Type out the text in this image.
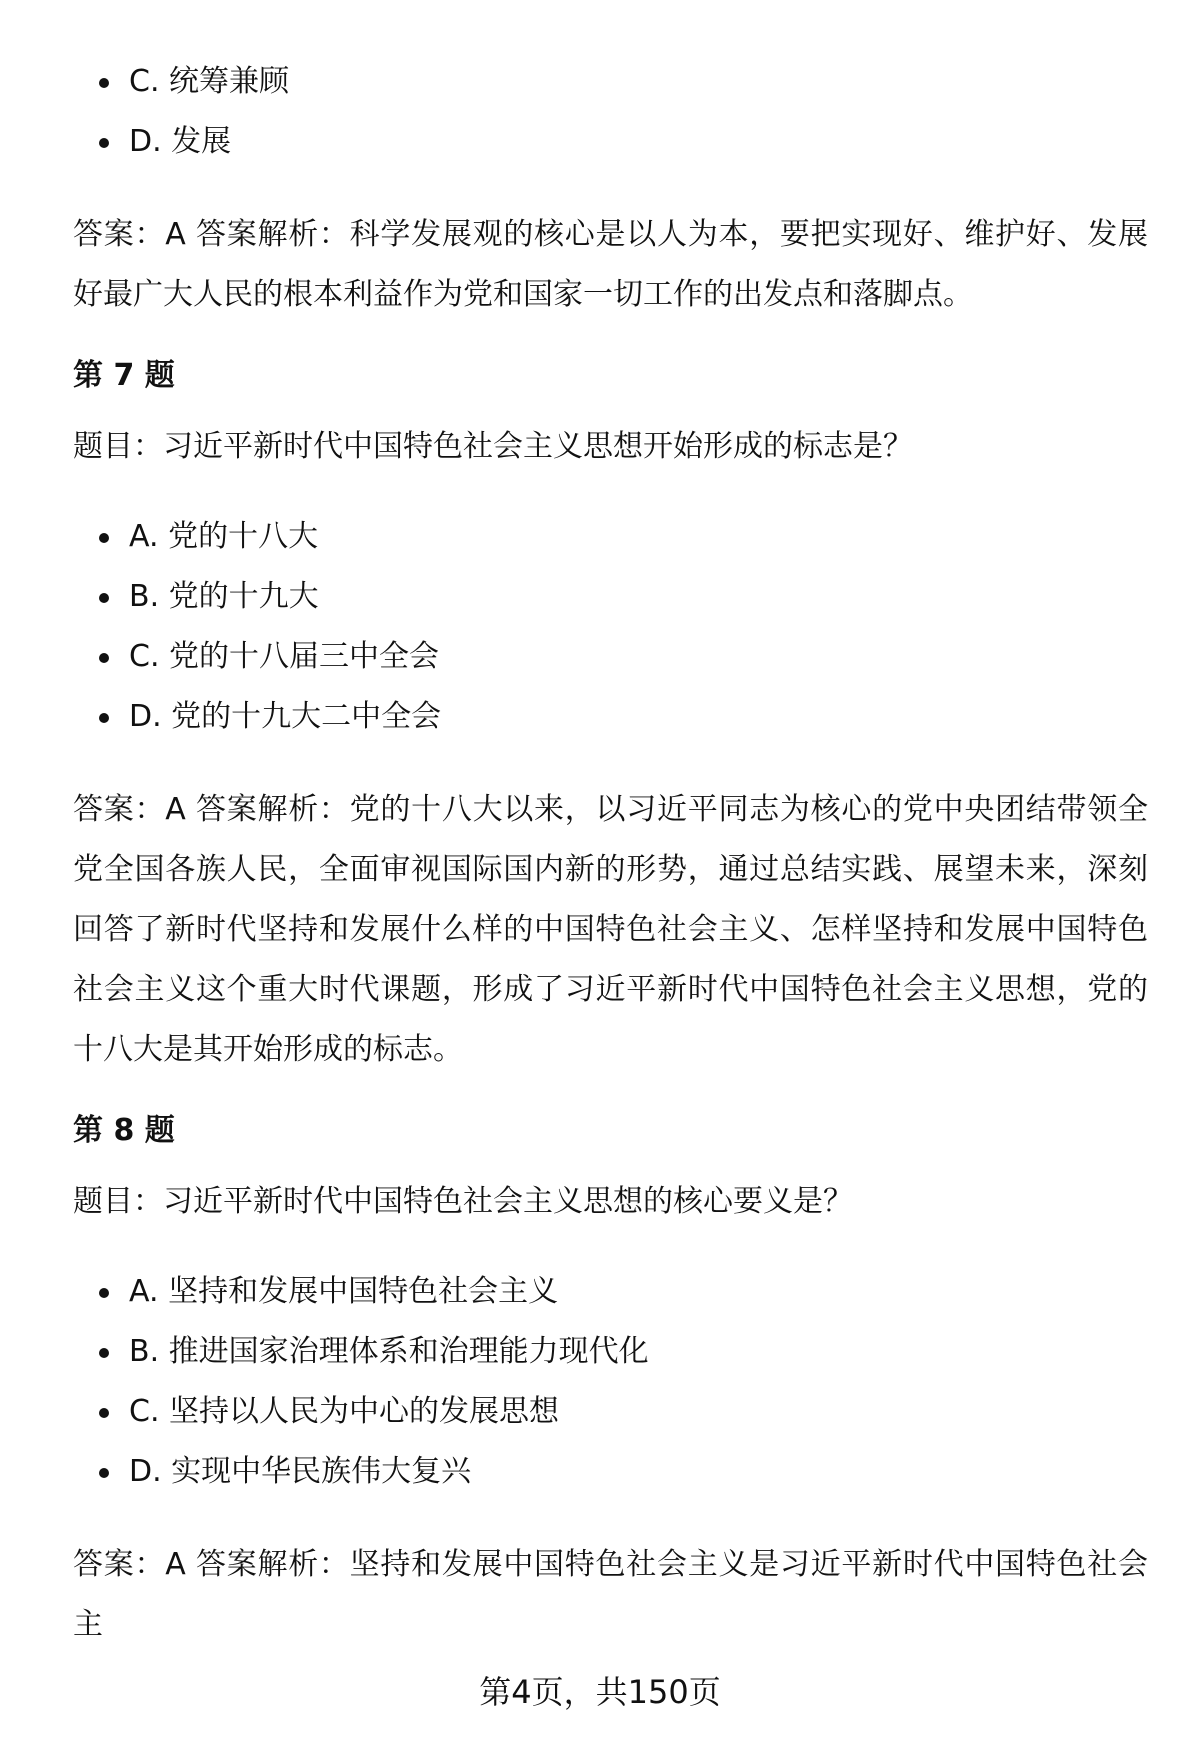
C. 统筹兼顾
D. 发展

答案：A 答案解析：科学发展观的核心是以人为本，要把实现好、维护好、发展好最广大人民的根本利益作为党和国家一切工作的出发点和落脚点。

第 7 题

题目：习近平新时代中国特色社会主义思想开始形成的标志是？

A. 党的十八大
B. 党的十九大
C. 党的十八届三中全会
D. 党的十九大二中全会

答案：A 答案解析：党的十八大以来，以习近平同志为核心的党中央团结带领全党全国各族人民，全面审视国际国内新的形势，通过总结实践、展望未来，深刻回答了新时代坚持和发展什么样的中国特色社会主义、怎样坚持和发展中国特色社会主义这个重大时代课题，形成了习近平新时代中国特色社会主义思想，党的十八大是其开始形成的标志。

第 8 题

题目：习近平新时代中国特色社会主义思想的核心要义是？

A. 坚持和发展中国特色社会主义
B. 推进国家治理体系和治理能力现代化
C. 坚持以人民为中心的发展思想
D. 实现中华民族伟大复兴

答案：A 答案解析：坚持和发展中国特色社会主义是习近平新时代中国特色社会主

第4页，共150页
